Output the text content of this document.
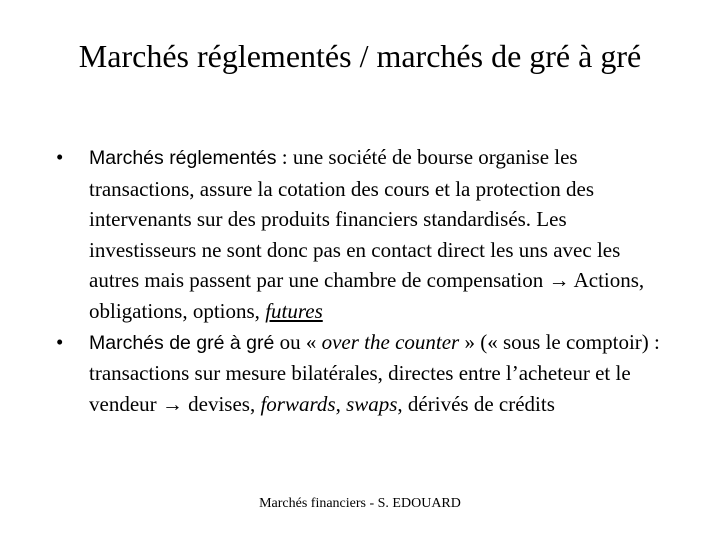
Marchés réglementés / marchés de gré à gré
•	Marchés réglementés : une société de bourse organise les transactions, assure la cotation des cours et la protection des intervenants sur des produits financiers standardisés. Les investisseurs ne sont donc pas en contact direct les uns avec les autres mais passent par une chambre de compensation → Actions, obligations, options, futures
•	Marchés de gré à gré ou « over the counter » (« sous le comptoir) : transactions sur mesure bilatérales, directes entre l’acheteur et le vendeur → devises, forwards, swaps, dérivés de crédits
Marchés financiers - S. EDOUARD
